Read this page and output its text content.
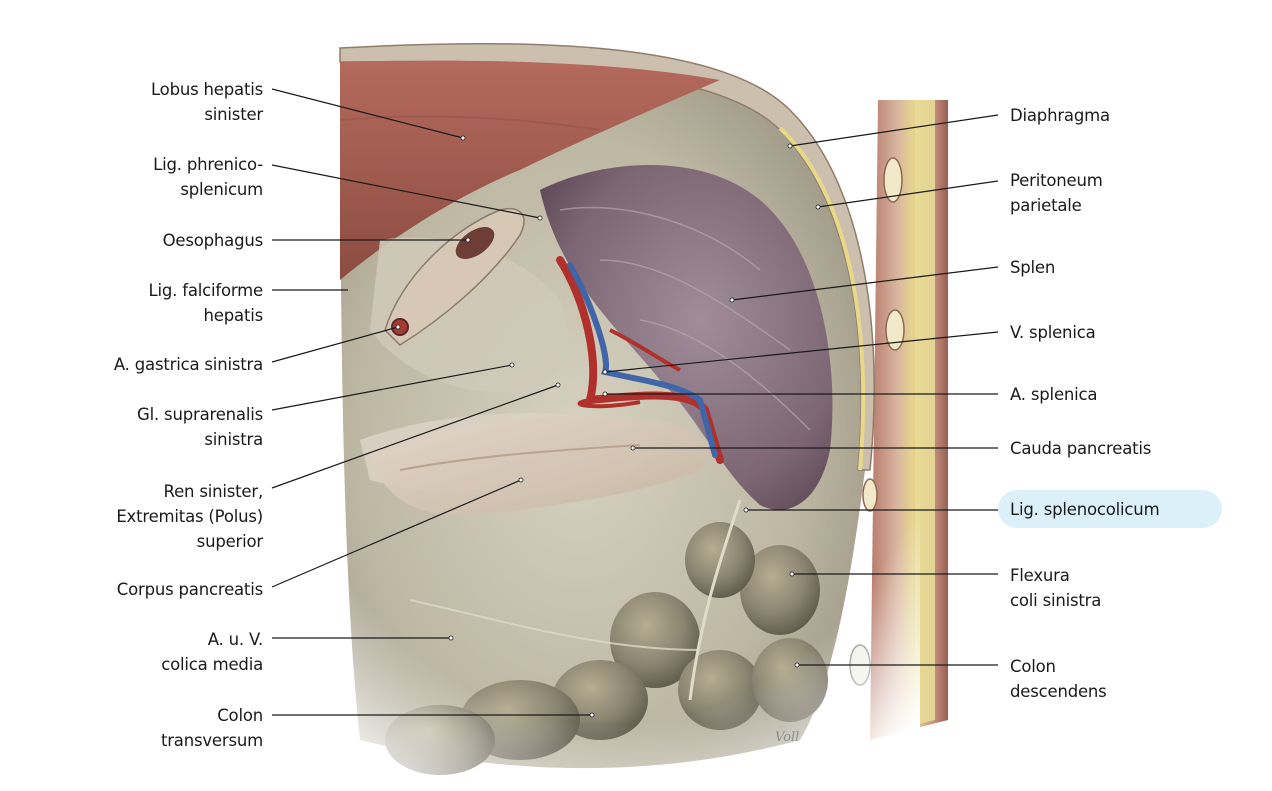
Voll
Lobus hepatis
sinister
Lig. phrenico-
splenicum
Oesophagus
Lig. falciforme
hepatis
A. gastrica sinistra
Gl. suprarenalis
sinistra
Ren sinister,
Extremitas (Polus)
superior
Corpus pancreatis
A. u. V.
colica media
Colon
transversum
Diaphragma
Peritoneum
parietale
Splen
V. splenica
A. splenica
Cauda pancreatis
Lig. splenocolicum
Flexura
coli sinistra
Colon
descendens
